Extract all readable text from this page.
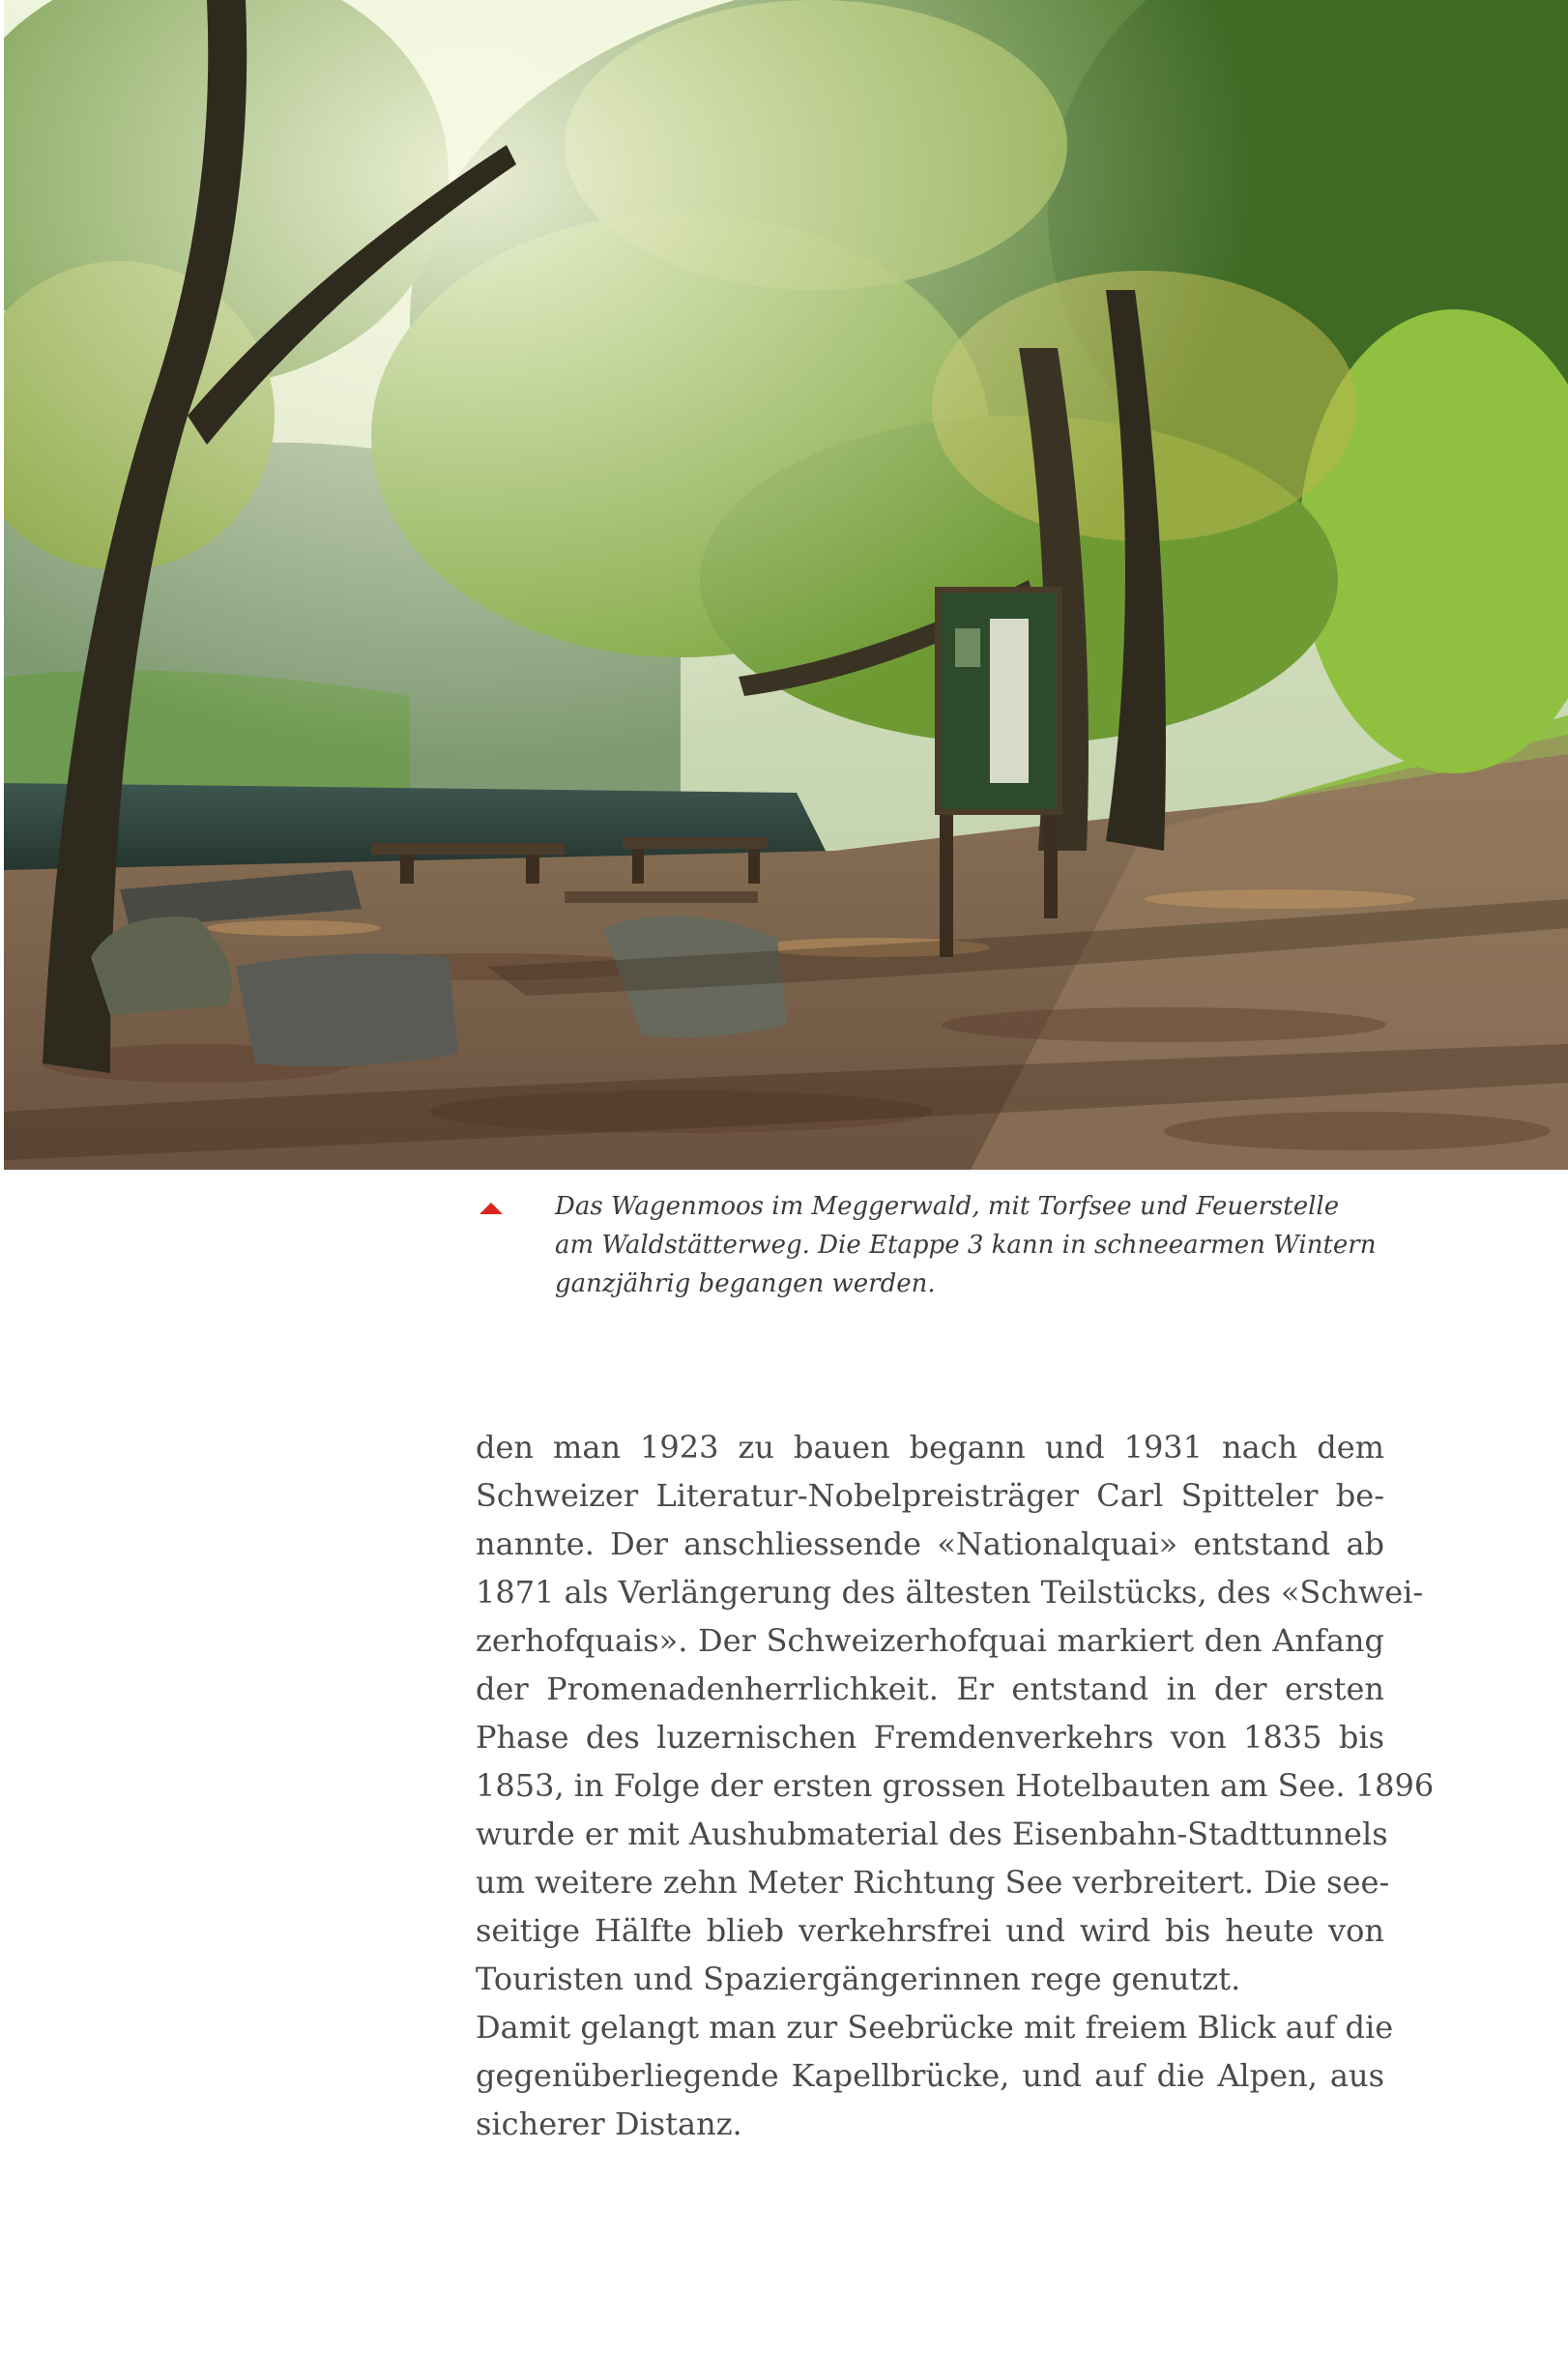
Das Wagenmoos im Meggerwald, mit Torfsee und Feuerstelle
am Waldstätterweg. Die Etappe 3 kann in schneearmen Wintern
ganzjährig begangen werden.

den man 1923 zu bauen begann und 1931 nach dem
Schweizer Literatur-Nobelpreisträger Carl Spitteler be-
nannte. Der anschliessende «Nationalquai» entstand ab
1871 als Verlängerung des ältesten Teilstücks, des «Schwei-
zerhofquais». Der Schweizerhofquai markiert den Anfang
der Promenadenherrlichkeit. Er entstand in der ersten
Phase des luzernischen Fremdenverkehrs von 1835 bis
1853, in Folge der ersten grossen Hotelbauten am See. 1896
wurde er mit Aushubmaterial des Eisenbahn-Stadttunnels
um weitere zehn Meter Richtung See verbreitert. Die see-
seitige Hälfte blieb verkehrsfrei und wird bis heute von
Touristen und Spaziergängerinnen rege genutzt.
Damit gelangt man zur Seebrücke mit freiem Blick auf die
gegenüberliegende Kapellbrücke, und auf die Alpen, aus
sicherer Distanz.
